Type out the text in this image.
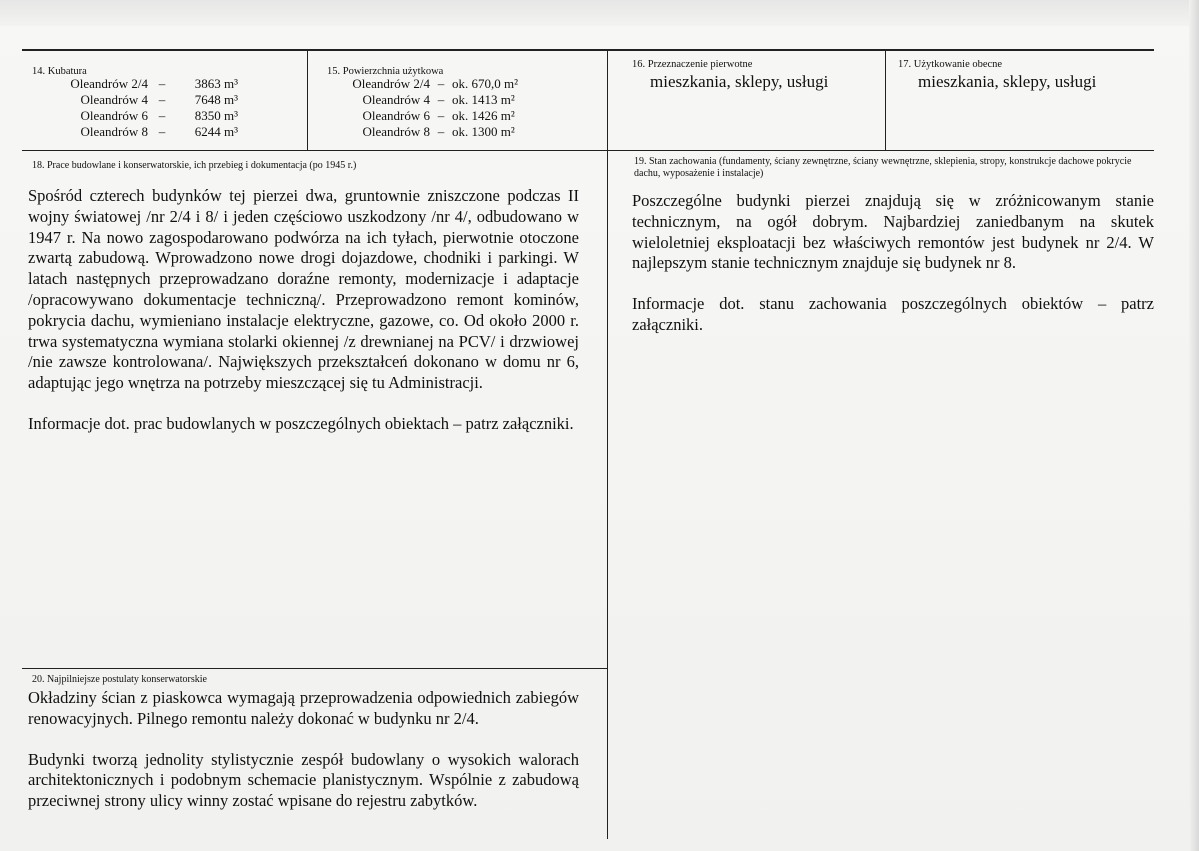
14. Kubatura
Oleandrów 2/4 –	3863 m³
Oleandrów 4 –	7648 m³
Oleandrów 6 –	8350 m³
Oleandrów 8 –	6244 m³
15. Powierzchnia użytkowa
Oleandrów 2/4 – ok. 670,0 m²
Oleandrów 4 – ok. 1413 m²
Oleandrów 6 – ok. 1426 m²
Oleandrów 8 – ok. 1300 m²
16. Przeznaczenie pierwotne
mieszkania, sklepy, usługi
17. Użytkowanie obecne
mieszkania, sklepy, usługi
18. Prace budowlane i konserwatorskie, ich przebieg i dokumentacja (po 1945 r.)
Spośród czterech budynków tej pierzei dwa, gruntownie zniszczone podczas II wojny światowej /nr 2/4 i 8/ i jeden częściowo uszkodzony /nr 4/, odbudowano w 1947 r. Na nowo zagospodarowano podwórza na ich tyłach, pierwotnie otoczone zwartą zabudową. Wprowadzono nowe drogi dojazdowe, chodniki i parkingi. W latach następnych przeprowadzano doraźne remonty, modernizacje i adaptacje /opracowywano dokumentacje techniczną/. Przeprowadzono remont kominów, pokrycia dachu, wymieniano instalacje elektryczne, gazowe, co. Od około 2000 r. trwa systematyczna wymiana stolarki okiennej /z drewnianej na PCV/ i drzwiowej /nie zawsze kontrolowana/. Największych przekształceń dokonano w domu nr 6, adaptując jego wnętrza na potrzeby mieszczącej się tu Administracji.
Informacje dot. prac budowlanych w poszczególnych obiektach – patrz załączniki.
19. Stan zachowania (fundamenty, ściany zewnętrzne, ściany wewnętrzne, sklepienia, stropy, konstrukcje dachowe pokrycie dachu, wyposażenie i instalacje)
Poszczególne budynki pierzei znajdują się w zróżnicowanym stanie technicznym, na ogół dobrym. Najbardziej zaniedbanym na skutek wieloletniej eksploatacji bez właściwych remontów jest budynek nr 2/4. W najlepszym stanie technicznym znajduje się budynek nr 8.
Informacje dot. stanu zachowania poszczególnych obiektów – patrz załączniki.
20. Najpilniejsze postulaty konserwatorskie
Okładziny ścian z piaskowca wymagają przeprowadzenia odpowiednich zabiegów renowacyjnych. Pilnego remontu należy dokonać w budynku nr 2/4.
Budynki tworzą jednolity stylistycznie zespół budowlany o wysokich walorach architektonicznych i podobnym schemacie planistycznym. Wspólnie z zabudową przeciwnej strony ulicy winny zostać wpisane do rejestru zabytków.
